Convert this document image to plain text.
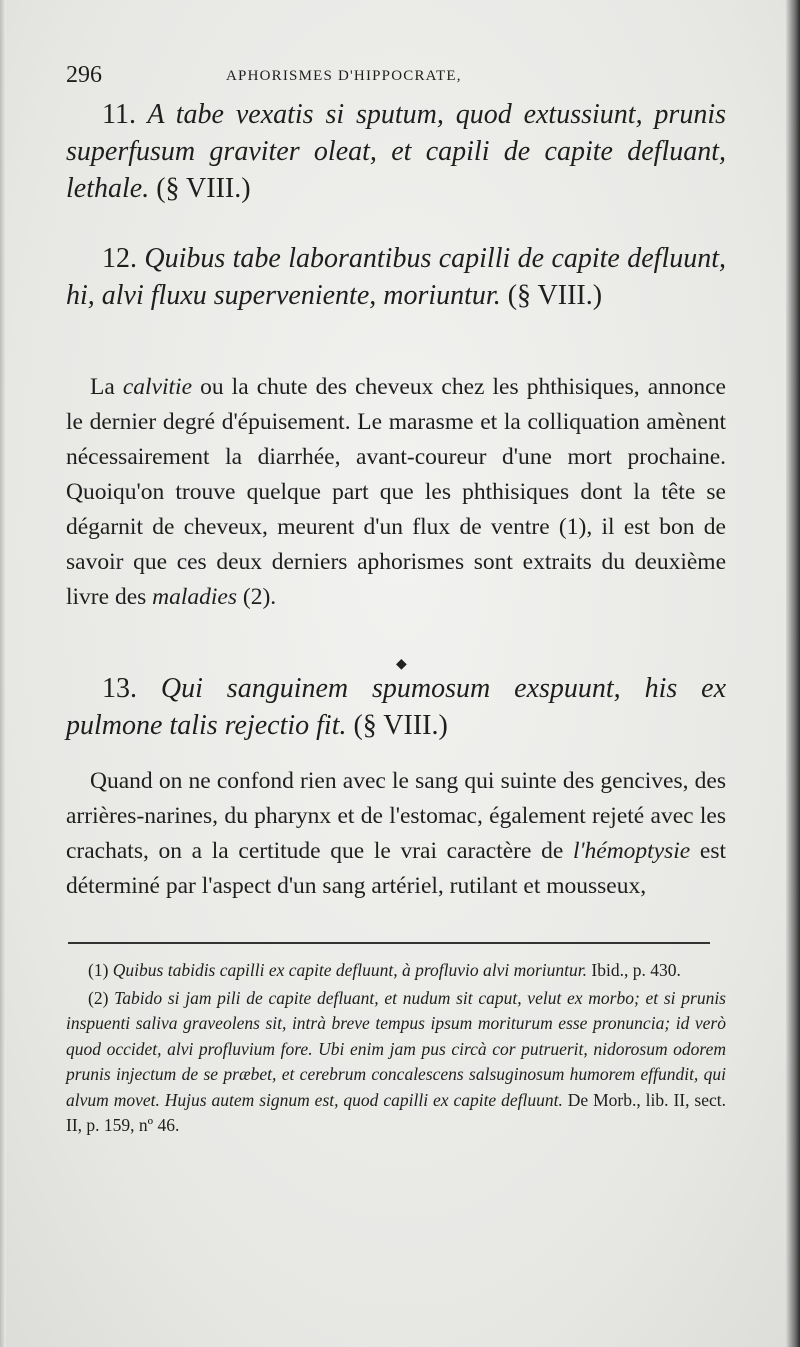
296	APHORISMES D'HIPPOCRATE,
11. A tabe vexatis si sputum, quod extussiunt, prunis superfusum graviter oleat, et capili de capite defluant, lethale. (§ VIII.)
12. Quibus tabe laborantibus capilli de capite defluunt, hi, alvi fluxu superveniente, moriuntur. (§ VIII.)

La calvitie ou la chute des cheveux chez les phthisiques, annonce le dernier degré d'épuisement. Le marasme et la colliquation amènent nécessairement la diarrhée, avant-coureur d'une mort prochaine. Quoiqu'on trouve quelque part que les phthisiques dont la tête se dégarnit de cheveux, meurent d'un flux de ventre (1), il est bon de savoir que ces deux derniers aphorismes sont extraits du deuxième livre des maladies (2).

◆
13. Qui sanguinem spumosum exspuunt, his ex pulmone talis rejectio fit. (§ VIII.)

Quand on ne confond rien avec le sang qui suinte des gencives, des arrières-narines, du pharynx et de l'estomac, également rejeté avec les crachats, on a la certitude que le vrai caractère de l'hémoptysie est déterminé par l'aspect d'un sang artériel, rutilant et mousseux,

(1) Quibus tabidis capilli ex capite defluunt, à profluvio alvi moriuntur. Ibid., p. 430.

(2) Tabido si jam pili de capite defluant, et nudum sit caput, velut ex morbo; et si prunis inspuenti saliva graveolens sit, intrà breve tempus ipsum moriturum esse pronuncia; id verò quod occidet, alvi profluvium fore. Ubi enim jam pus circà cor putruerit, nidorosum odorem prunis injectum de se præbet, et cerebrum concalescens salsuginosum humorem effundit, qui alvum movet. Hujus autem signum est, quod capilli ex capite defluunt. De Morb., lib. II, sect. II, p. 159, nº 46.
